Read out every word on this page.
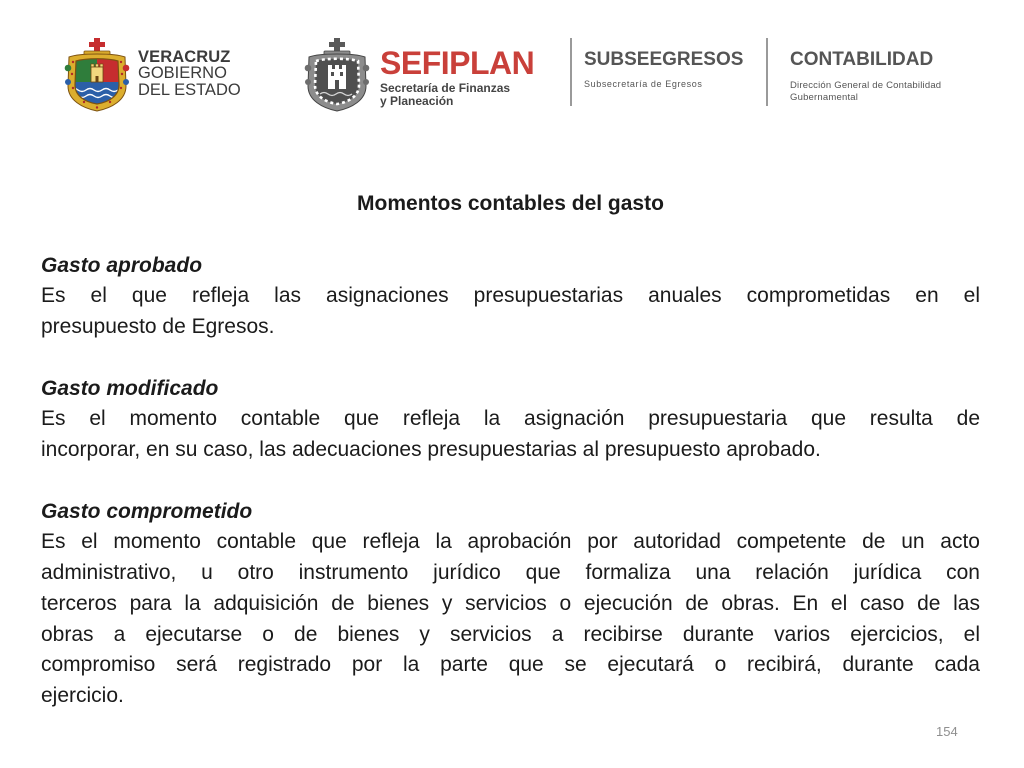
VERACRUZ
GOBIERNO
DEL ESTADO
SEFIPLAN
Secretaría de Finanzas
y Planeación
SUBSEEGRESOS
Subsecretaría de Egresos
CONTABILIDAD
Dirección General de Contabilidad
Gubernamental
Momentos contables del gasto
Gasto aprobado
Es el que refleja las asignaciones presupuestarias anuales comprometidas en el
presupuesto de Egresos.
Gasto modificado
Es el momento contable que refleja la asignación presupuestaria que resulta de
incorporar, en su caso, las adecuaciones presupuestarias al presupuesto aprobado.
Gasto comprometido
Es el momento contable que refleja la aprobación por autoridad competente de un acto
administrativo, u otro instrumento jurídico que formaliza una relación jurídica con
terceros para la adquisición de bienes y servicios o ejecución de obras. En el caso de las
obras a ejecutarse o de bienes y servicios a recibirse durante varios ejercicios, el
compromiso será registrado por la parte que se ejecutará o recibirá, durante cada
ejercicio.
154
